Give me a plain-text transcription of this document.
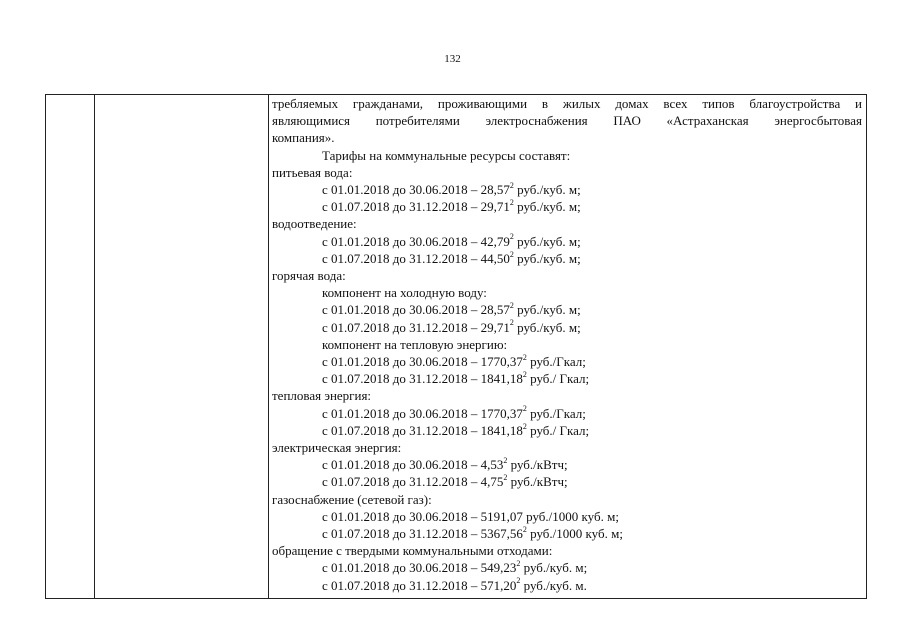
132

требляемых гражданами, проживающими в жилых домах всех типов благоустройства и

являющимися потребителями электроснабжения ПАО «Астраханская энергосбытовая

компания».

Тарифы на коммунальные ресурсы составят:

питьевая вода:

с 01.01.2018 до 30.06.2018 – 28,57$^2$ руб./куб. м;

с 01.07.2018 до 31.12.2018 – 29,71$^2$ руб./куб. м;

водоотведение:

с 01.01.2018 до 30.06.2018 – 42,79$^2$ руб./куб. м;

с 01.07.2018 до 31.12.2018 – 44,50$^2$ руб./куб. м;

горячая вода:

компонент на холодную воду:

с 01.01.2018 до 30.06.2018 – 28,57$^2$ руб./куб. м;

с 01.07.2018 до 31.12.2018 – 29,71$^2$ руб./куб. м;

компонент на тепловую энергию:

с 01.01.2018 до 30.06.2018 – 1770,37$^2$ руб./Гкал;

с 01.07.2018 до 31.12.2018 – 1841,18$^2$ руб./ Гкал;

тепловая энергия:

с 01.01.2018 до 30.06.2018 – 1770,37$^2$ руб./Гкал;

с 01.07.2018 до 31.12.2018 – 1841,18$^2$ руб./ Гкал;

электрическая энергия:

с 01.01.2018 до 30.06.2018 – 4,53$^2$ руб./кВтч;

с 01.07.2018 до 31.12.2018 – 4,75$^2$ руб./кВтч;

газоснабжение (сетевой газ):

с 01.01.2018 до 30.06.2018 – 5191,07 руб./1000 куб. м;

с 01.07.2018 до 31.12.2018 – 5367,56$^2$ руб./1000 куб. м;

обращение с твердыми коммунальными отходами:

с 01.01.2018 до 30.06.2018 – 549,23$^2$ руб./куб. м;

с 01.07.2018 до 31.12.2018 – 571,20$^2$ руб./куб. м.
